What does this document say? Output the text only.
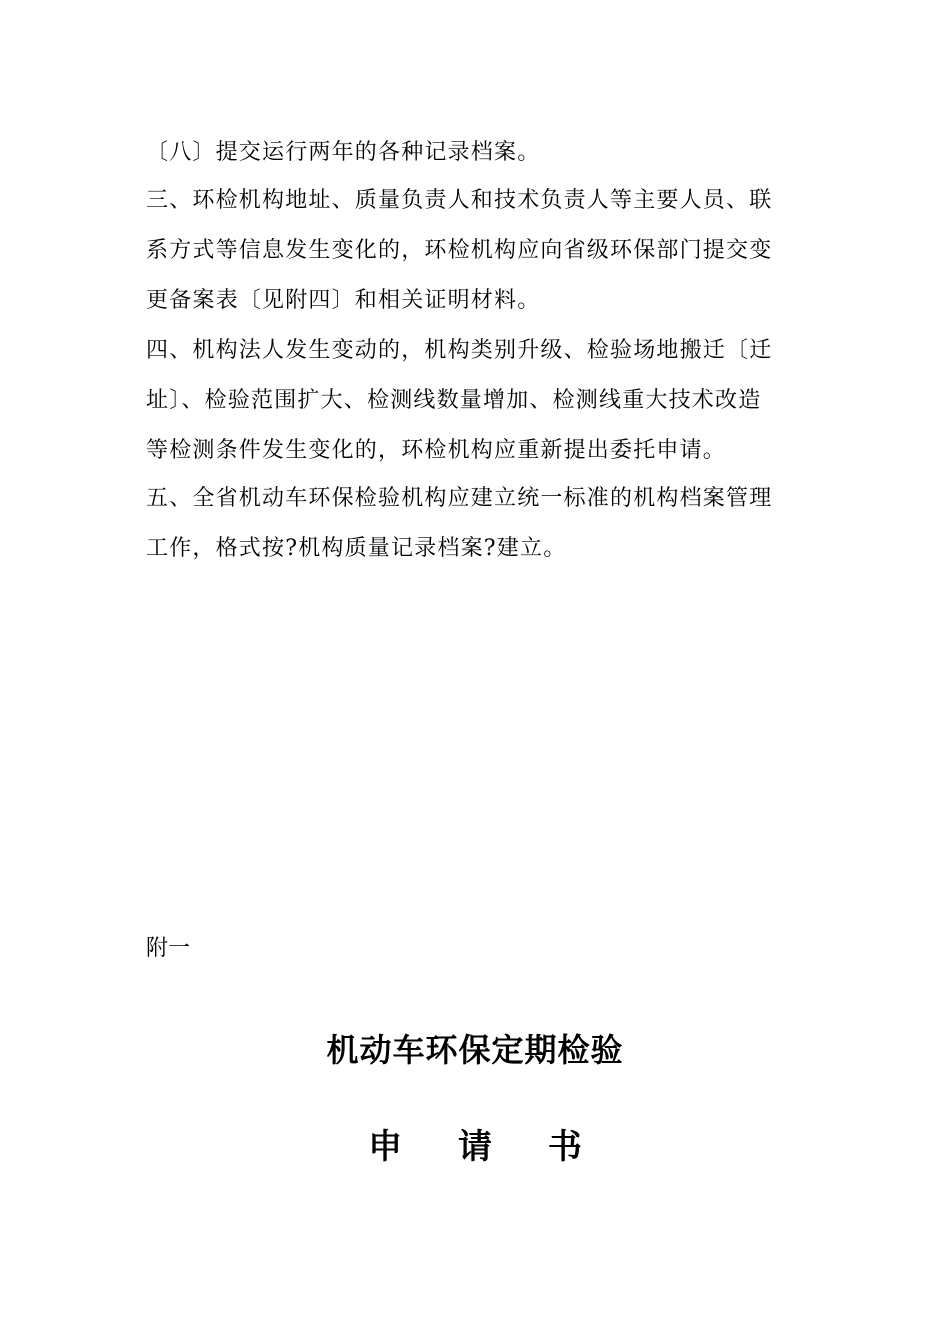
〔八〕提交运行两年的各种记录档案。
三、环检机构地址、质量负责人和技术负责人等主要人员、联
系方式等信息发生变化的，环检机构应向省级环保部门提交变
更备案表〔见附四〕和相关证明材料。
四、机构法人发生变动的，机构类别升级、检验场地搬迁〔迁
址〕、检验范围扩大、检测线数量增加、检测线重大技术改造
等检测条件发生变化的，环检机构应重新提出委托申请。
五、全省机动车环保检验机构应建立统一标准的机构档案管理
工作，格式按?机构质量记录档案?建立。
附一
机动车环保定期检验
申 请 书
